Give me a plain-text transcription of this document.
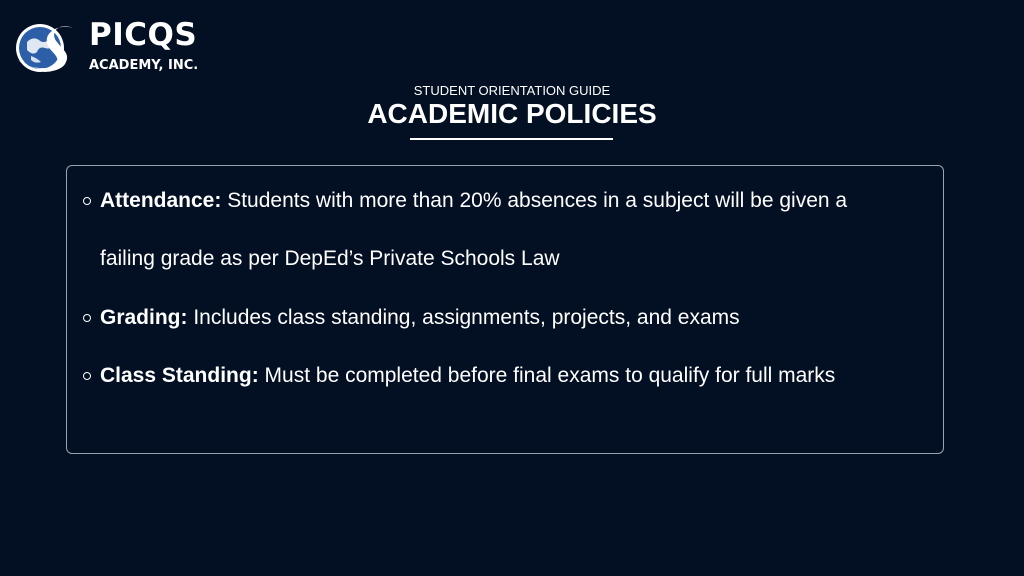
PICQS
ACADEMY, INC.
STUDENT ORIENTATION GUIDE
ACADEMIC POLICIES
Attendance: Students with more than 20% absences in a subject will be given a
failing grade as per DepEd’s Private Schools Law
Grading: Includes class standing, assignments, projects, and exams
Class Standing: Must be completed before final exams to qualify for full marks
